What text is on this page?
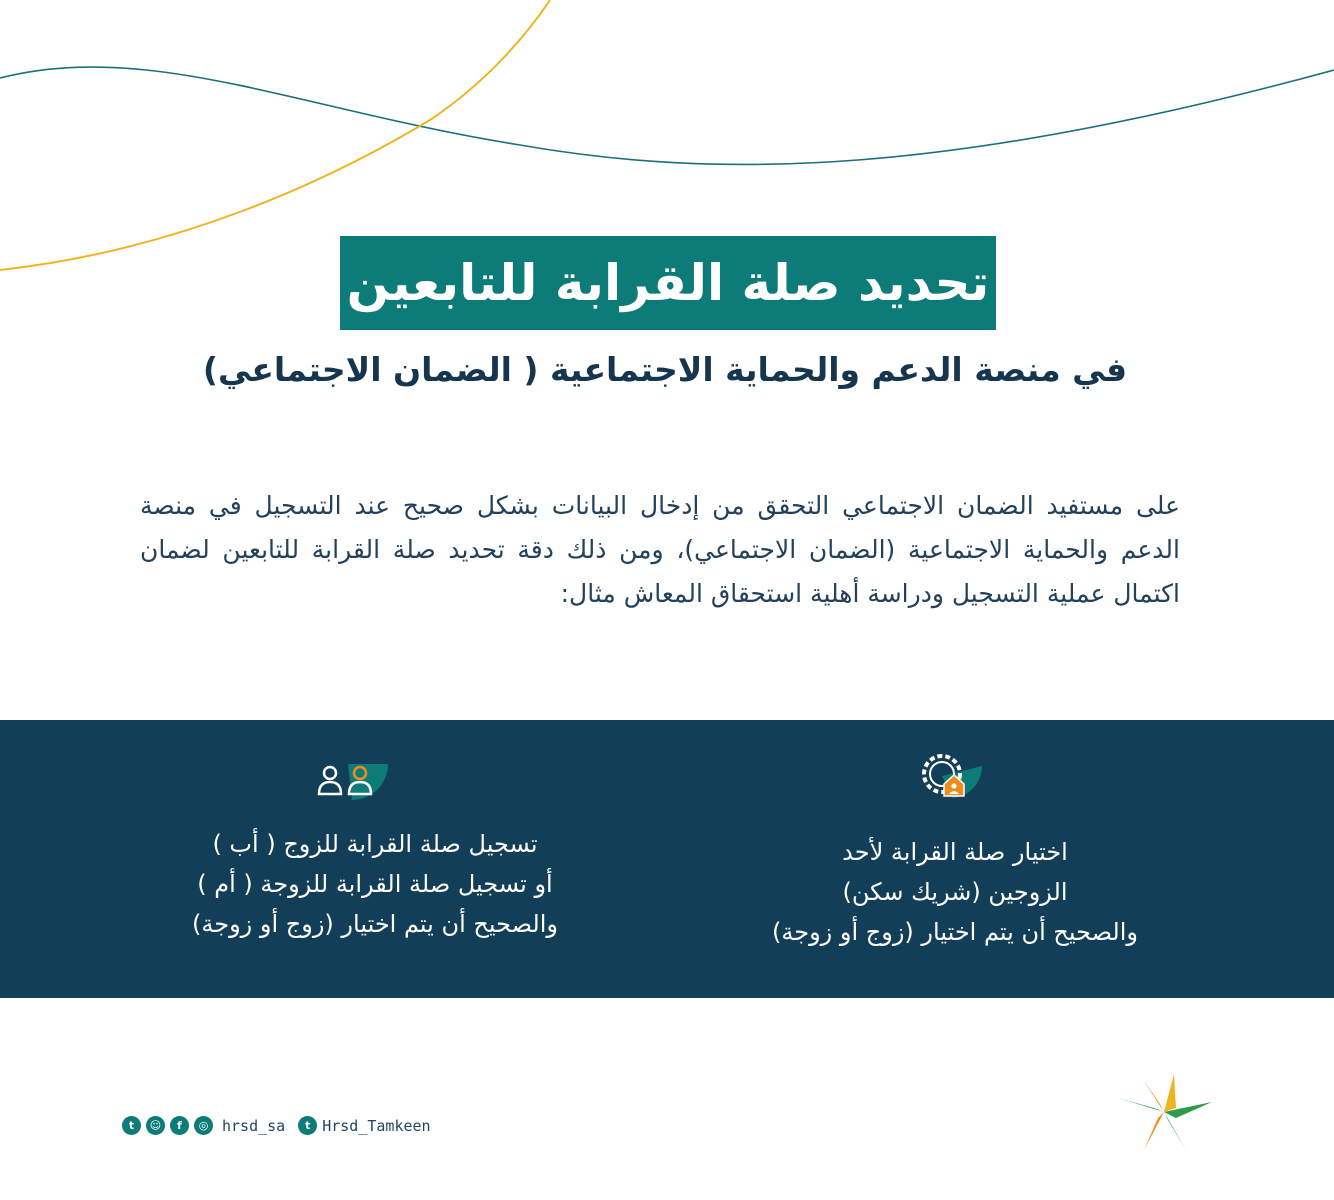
تحديد صلة القرابة للتابعين
في منصة الدعم والحماية الاجتماعية ( الضمان الاجتماعي)
على مستفيد الضمان الاجتماعي التحقق من إدخال البيانات بشكل صحيح عند التسجيل في منصة الدعم والحماية الاجتماعية (الضمان الاجتماعي)، ومن ذلك دقة تحديد صلة القرابة للتابعين لضمان اكتمال عملية التسجيل ودراسة أهلية استحقاق المعاش مثال:
اختيار صلة القرابة لأحد
الزوجين (شريك سكن)
والصحيح أن يتم اختيار (زوج أو زوجة)
تسجيل صلة القرابة للزوج ( أب )
أو تسجيل صلة القرابة للزوجة ( أم )
والصحيح أن يتم اختيار (زوج أو زوجة)
t	☺	f	◎ hrsd_sa	t Hrsd_Tamkeen
